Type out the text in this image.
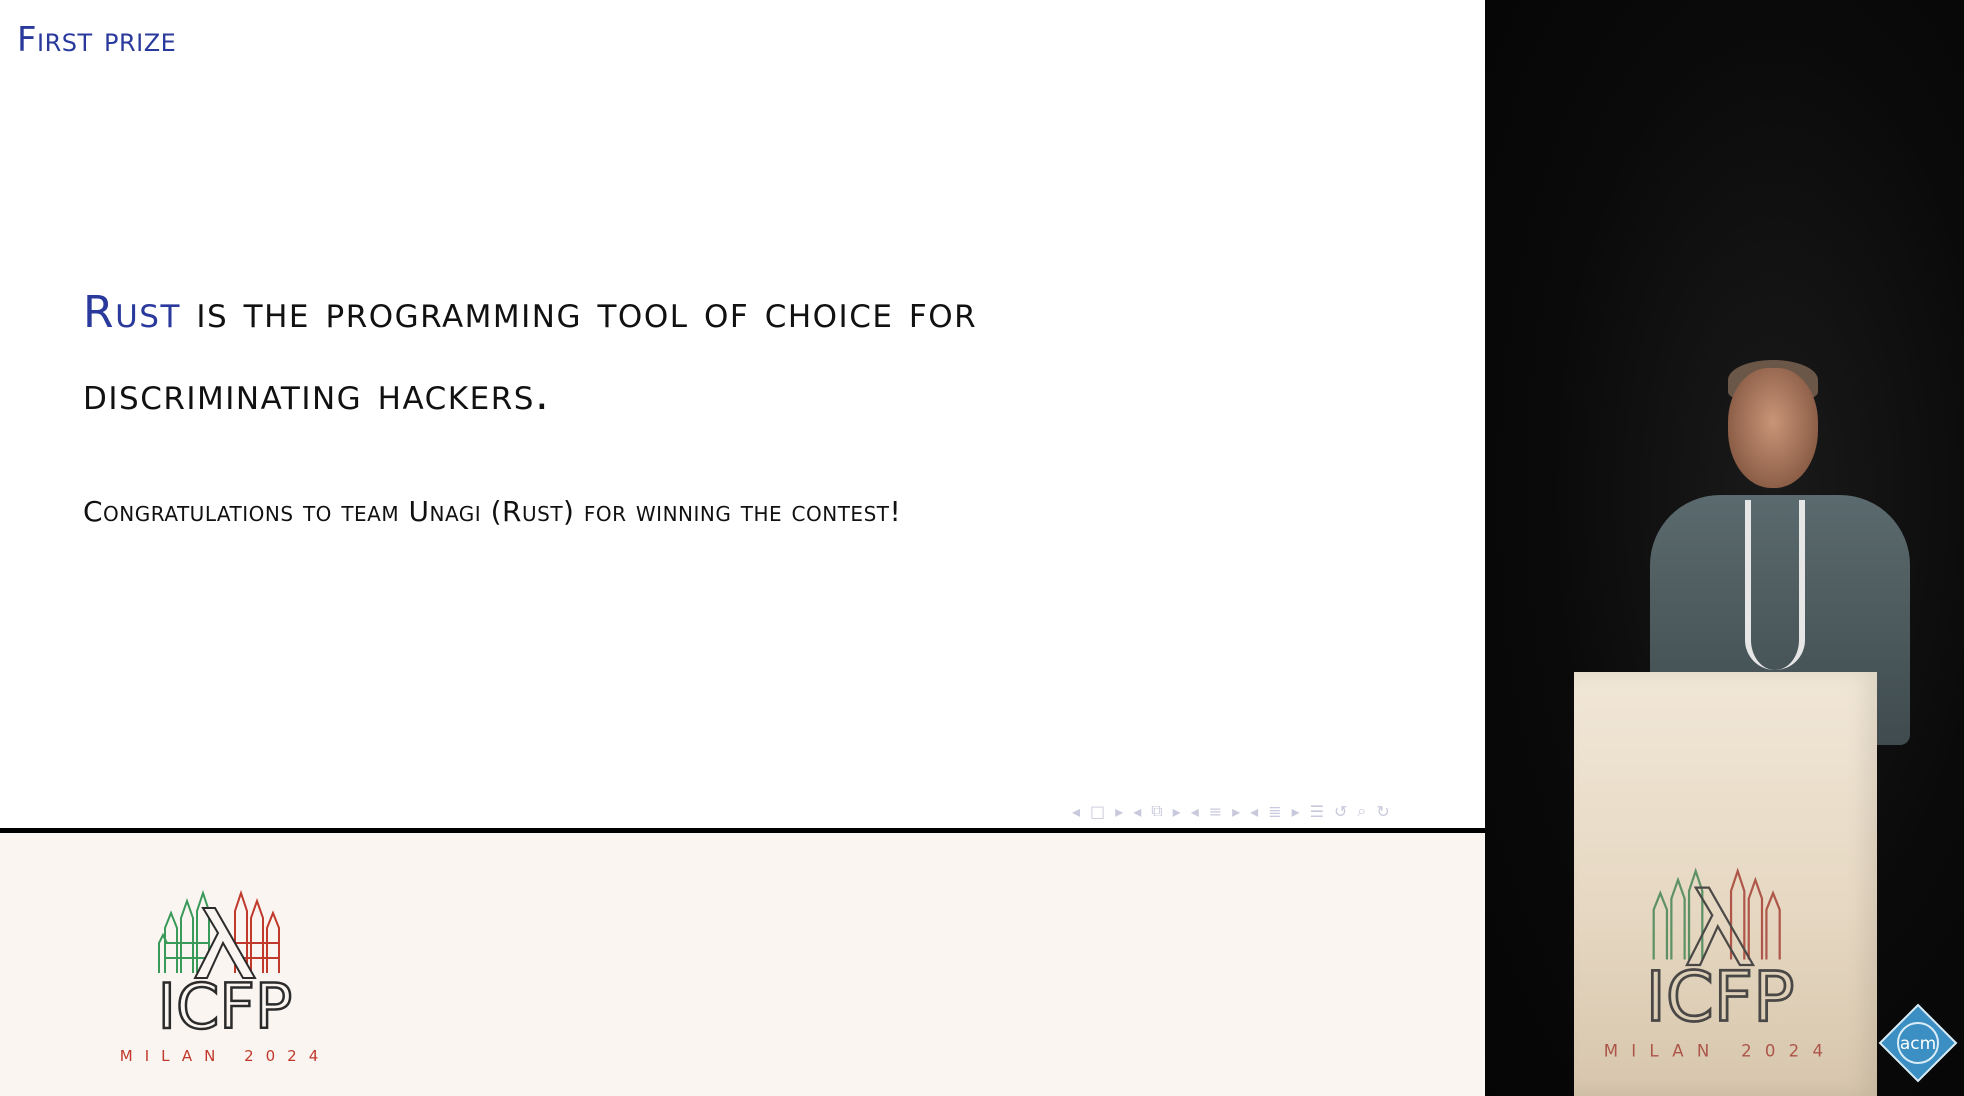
First prize
Rust is the programming tool of choice for
discriminating hackers.
Congratulations to team Unagi (Rust) for winning the contest!
◂ □ ▸ ◂ ⧉ ▸ ◂ ≡ ▸ ◂ ≣ ▸ ☰ ↺ ⌕ ↻
ICFP
MILAN 2024
ICFP
MILAN 2024	acm
